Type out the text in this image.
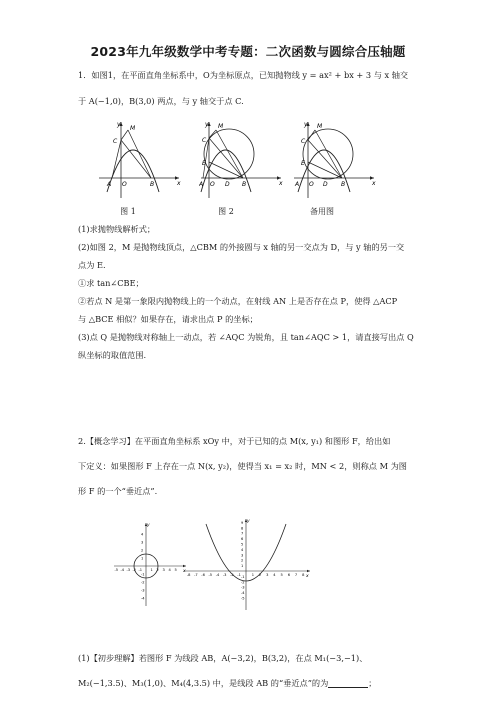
2023年九年级数学中考专题：二次函数与圆综合压轴题
1．如图1，在平面直角坐标系中，O为坐标原点，已知抛物线 y = ax² + bx + 3 与 x 轴交
于 A(−1,0)，B(3,0) 两点，与 y 轴交于点 C.
y
x
M
C
A O	B
y
x
M
C
E
A O D B
y
x
M
C
E
A O D B
图 1	图 2	备用图
(1)求抛物线解析式；
(2)如图 2，M 是抛物线顶点，△CBM 的外接圆与 x 轴的另一交点为 D，与 y 轴的另一交
点为 E.
①求 tan∠CBE；
②若点 N 是第一象限内抛物线上的一个动点，在射线 AN 上是否存在点 P，使得 △ACP
与 △BCE 相似？如果存在，请求出点 P 的坐标；
(3)点 Q 是抛物线对称轴上一动点，若 ∠AQC 为锐角，且 tan∠AQC > 1，请直接写出点 Q
纵坐标的取值范围.
2.【概念学习】在平面直角坐标系 xOy 中，对于已知的点 M(x, y₁) 和图形 F，给出如
下定义：如果图形 F 上存在一点 N(x, y₂)，使得当 x₁ = x₂ 时，MN < 2，则称点 M 为图
形 F 的一个“垂近点”.
-5 -4 -3 -2 -1 1 2 3 4 5
4
3
2
1
-1
-2
-3
-4
y
x
-8 -7 -6 -5 -4 -3 -2 -1	1 2 3 4 5 6 7 8
9
8
7
6
5
4
3
2
1
-1
-2
-3
-4
-5
y
x
(1)【初步理解】若图形 F 为线段 AB，A(−3,2)，B(3,2)，在点 M₁(−3,−1)、
M₂(−1,3.5)、M₃(1,0)、M₄(4,3.5) 中，是线段 AB 的“垂近点”的为	；
